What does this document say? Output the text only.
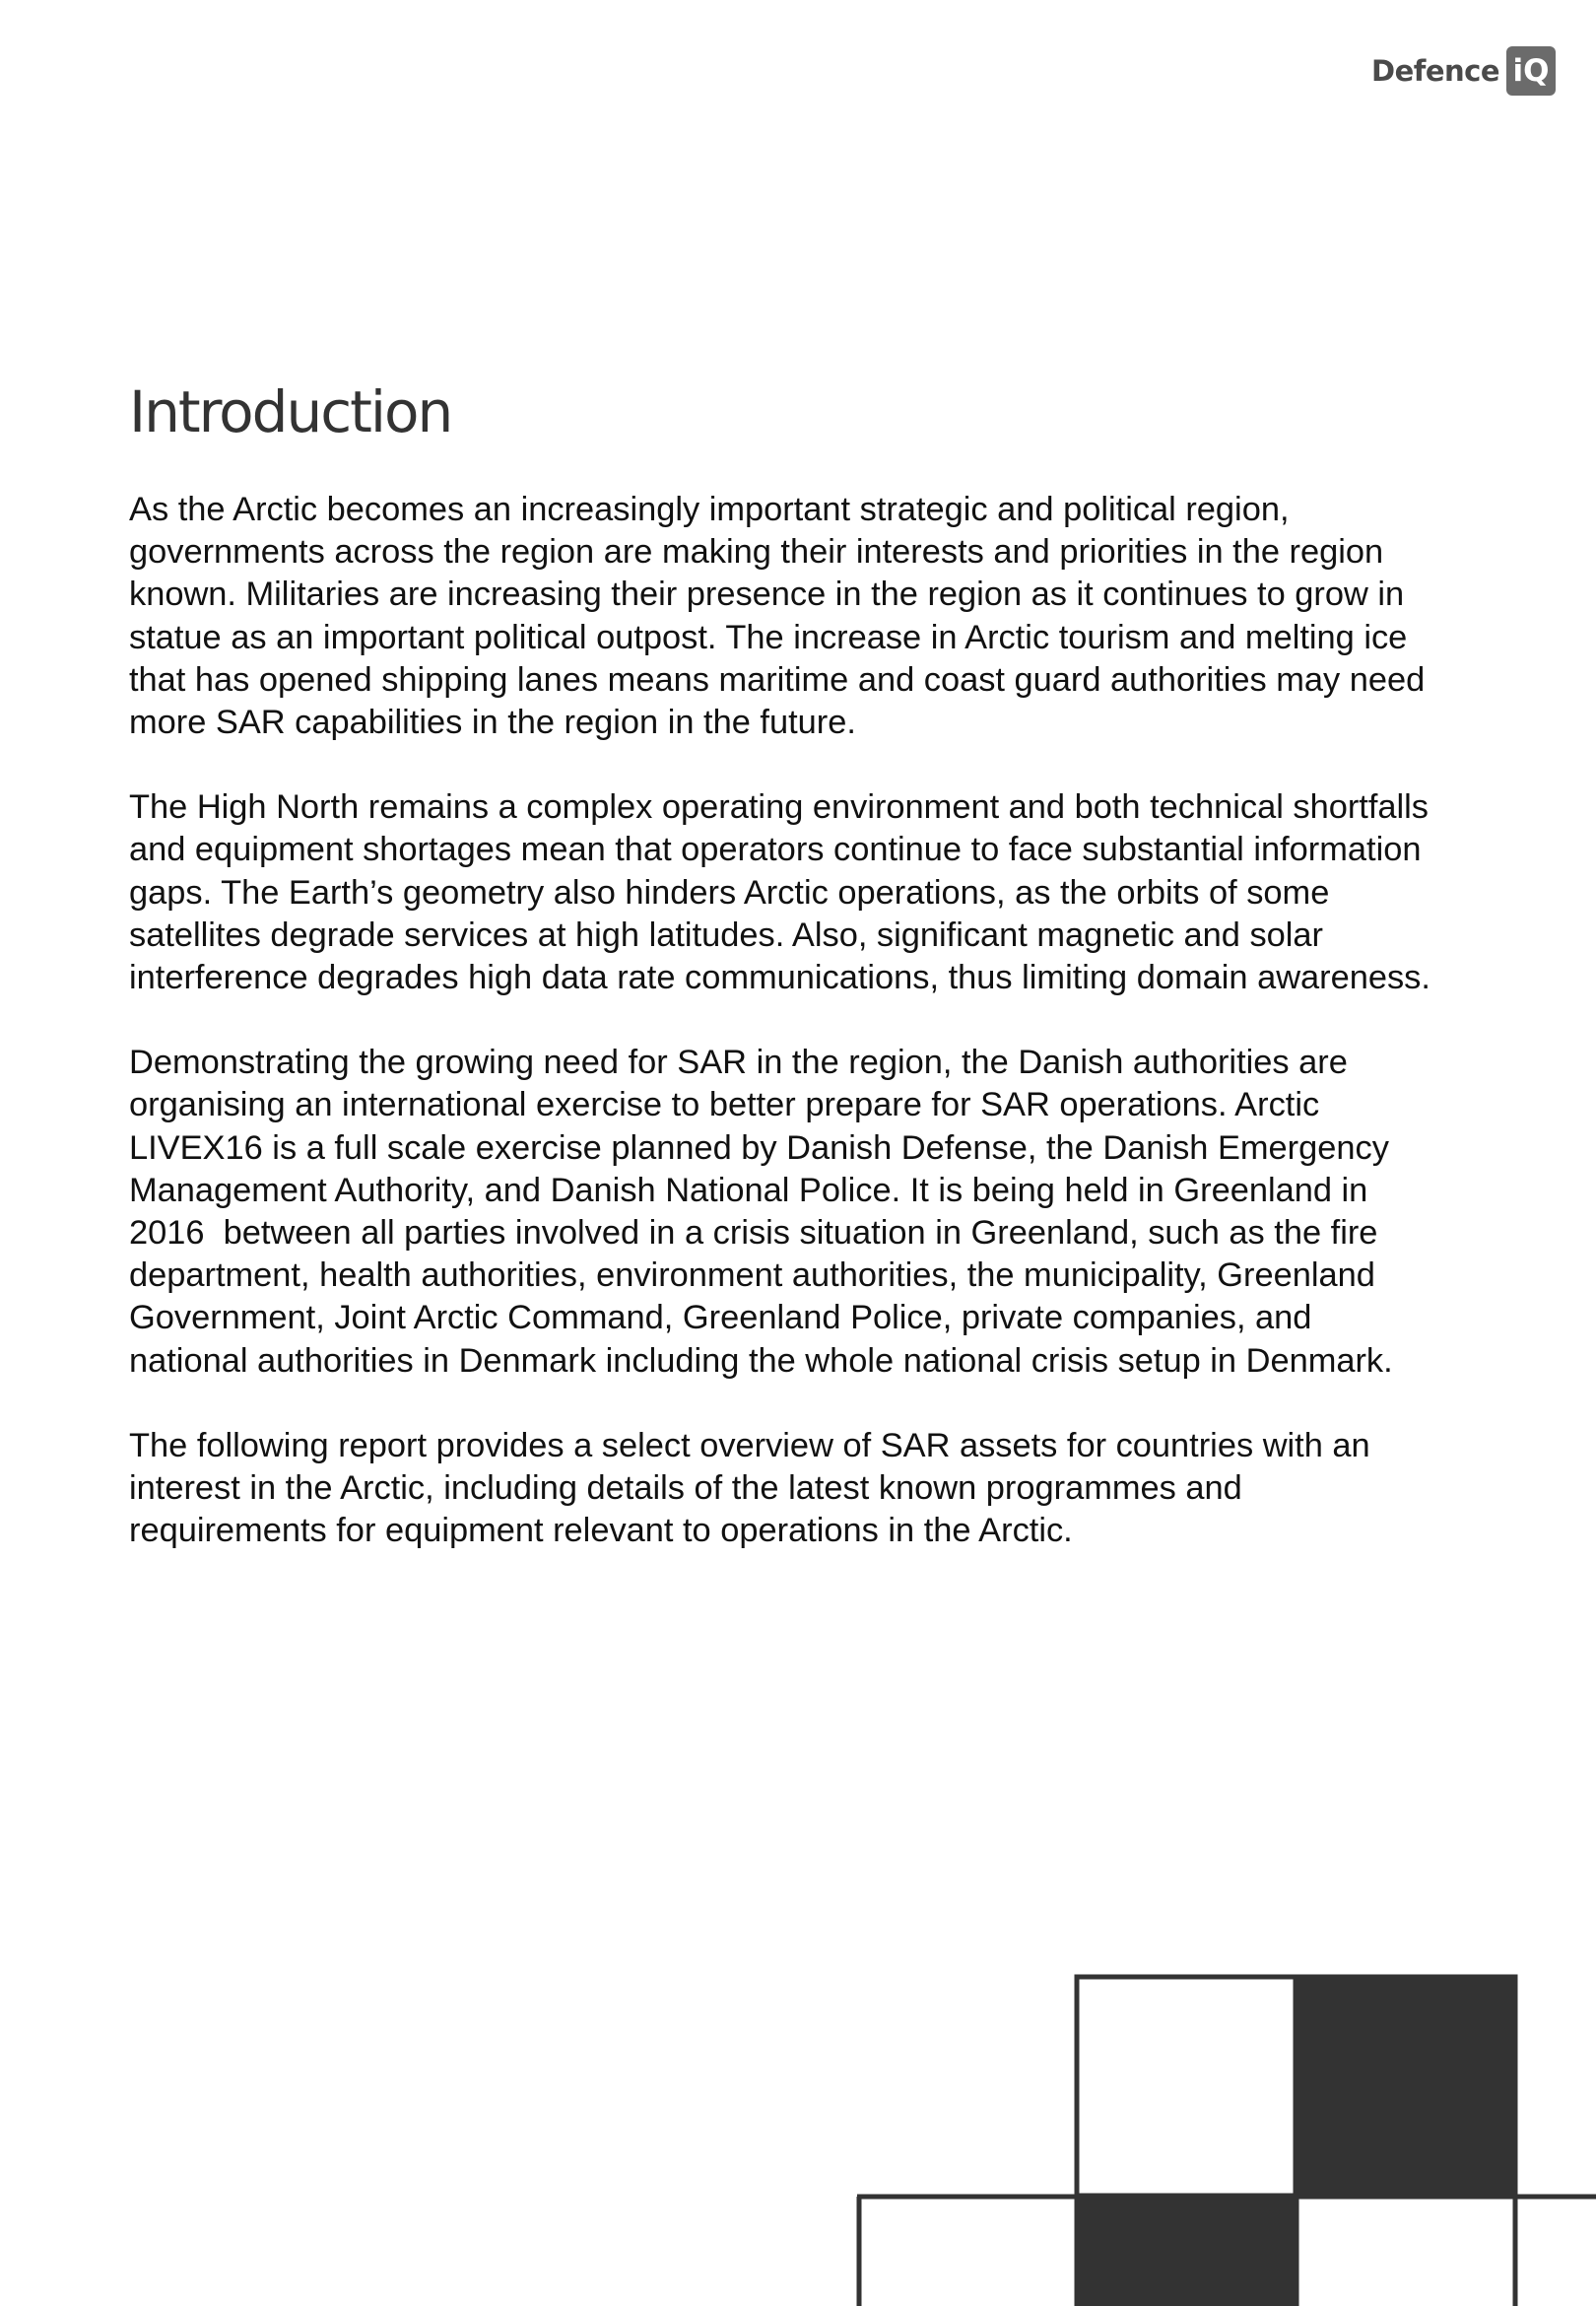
Defence iQ
Introduction

As the Arctic becomes an increasingly important strategic and political region,
governments across the region are making their interests and priorities in the region
known. Militaries are increasing their presence in the region as it continues to grow in
statue as an important political outpost. The increase in Arctic tourism and melting ice
that has opened shipping lanes means maritime and coast guard authorities may need
more SAR capabilities in the region in the future.

The High North remains a complex operating environment and both technical shortfalls
and equipment shortages mean that operators continue to face substantial information
gaps. The Earth’s geometry also hinders Arctic operations, as the orbits of some
satellites degrade services at high latitudes. Also, significant magnetic and solar
interference degrades high data rate communications, thus limiting domain awareness.

Demonstrating the growing need for SAR in the region, the Danish authorities are
organising an international exercise to better prepare for SAR operations. Arctic
LIVEX16 is a full scale exercise planned by Danish Defense, the Danish Emergency
Management Authority, and Danish National Police. It is being held in Greenland in
2016  between all parties involved in a crisis situation in Greenland, such as the fire
department, health authorities, environment authorities, the municipality, Greenland
Government, Joint Arctic Command, Greenland Police, private companies, and
national authorities in Denmark including the whole national crisis setup in Denmark.

The following report provides a select overview of SAR assets for countries with an
interest in the Arctic, including details of the latest known programmes and
requirements for equipment relevant to operations in the Arctic.
